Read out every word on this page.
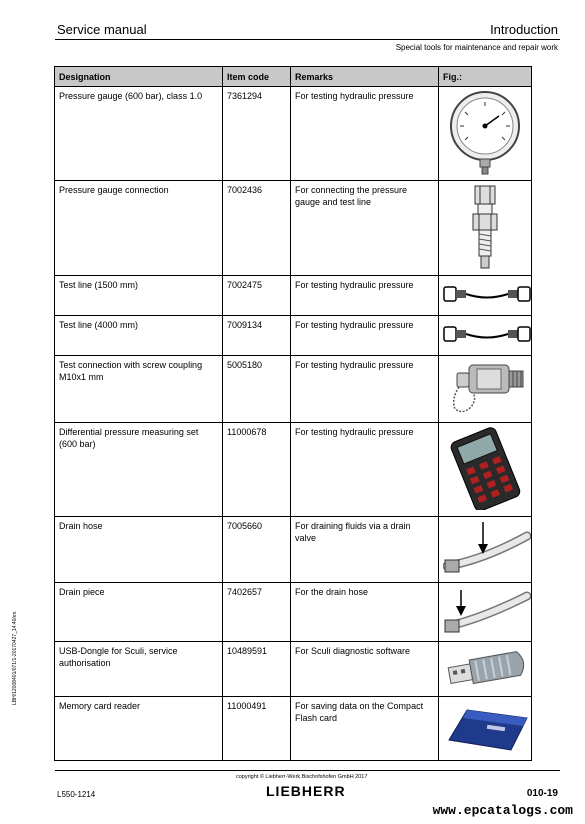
Service manual	Introduction
Special tools for maintenance and repair work
Designation	Item code	Remarks	Fig.:
Pressure gauge (600 bar), class 1.0	7361294	For testing hydraulic pressure	

Pressure gauge connection	7002436	For connecting the pressure gauge and test line	

Test line (1500 mm)	7002475	For testing hydraulic pressure	

Test line (4000 mm)	7009134	For testing hydraulic pressure	

Test connection with screw coupling M10x1 mm	5005180	For testing hydraulic pressure	

Differential pressure measuring set (600 bar)	11000678	For testing hydraulic pressure	

Drain hose	7005660	For draining fluids via a drain valve	

Drain piece	7402657	For the drain hose	

USB-Dongle for Sculi, service authorisation	10489591	For Sculi diagnostic software	

Memory card reader	11000491	For saving data on the Compact Flash card	
LBH/12008401/071/1-20170427_14:40/en
copyright © Liebherr-Werk Bischofshofen GmbH 2017
L550-1214	LIEBHERR	010-19
www.epcatalogs.com
